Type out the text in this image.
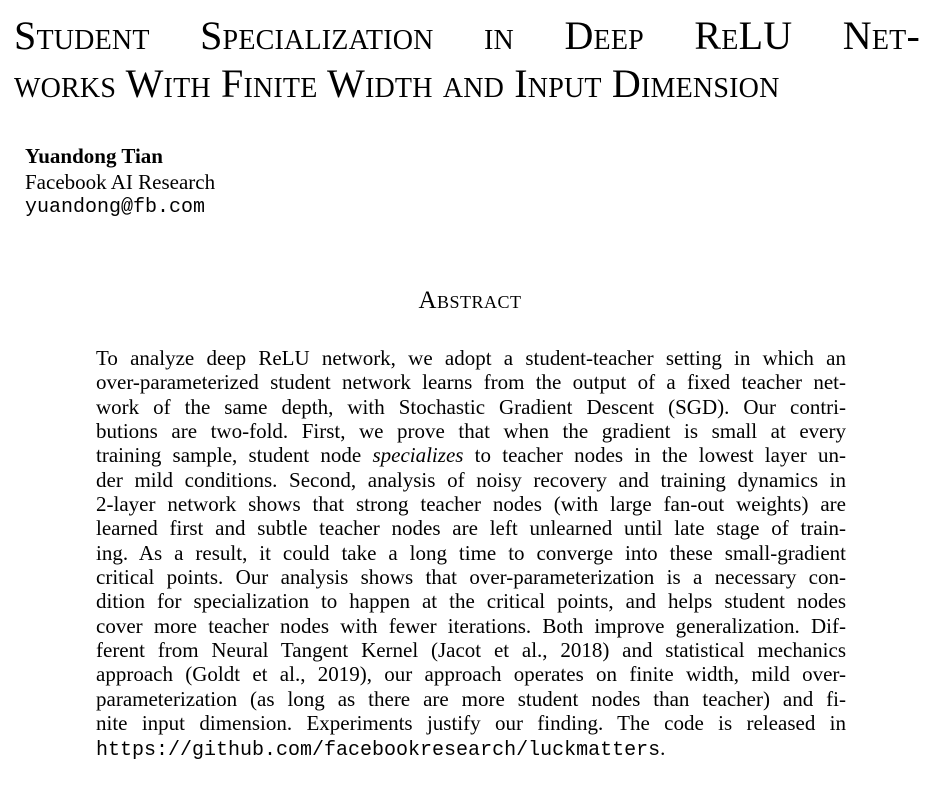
Student Specialization in Deep ReLU Net-
works With Finite Width and Input Dimension
Yuandong Tian
Facebook AI Research
yuandong@fb.com
Abstract
To analyze deep ReLU network, we adopt a student-teacher setting in which an
over-parameterized student network learns from the output of a fixed teacher net-
work of the same depth, with Stochastic Gradient Descent (SGD). Our contri-
butions are two-fold. First, we prove that when the gradient is small at every
training sample, student node specializes to teacher nodes in the lowest layer un-
der mild conditions. Second, analysis of noisy recovery and training dynamics in
2-layer network shows that strong teacher nodes (with large fan-out weights) are
learned first and subtle teacher nodes are left unlearned until late stage of train-
ing. As a result, it could take a long time to converge into these small-gradient
critical points. Our analysis shows that over-parameterization is a necessary con-
dition for specialization to happen at the critical points, and helps student nodes
cover more teacher nodes with fewer iterations. Both improve generalization. Dif-
ferent from Neural Tangent Kernel (Jacot et al., 2018) and statistical mechanics
approach (Goldt et al., 2019), our approach operates on finite width, mild over-
parameterization (as long as there are more student nodes than teacher) and fi-
nite input dimension. Experiments justify our finding. The code is released in
https://github.com/facebookresearch/luckmatters.
